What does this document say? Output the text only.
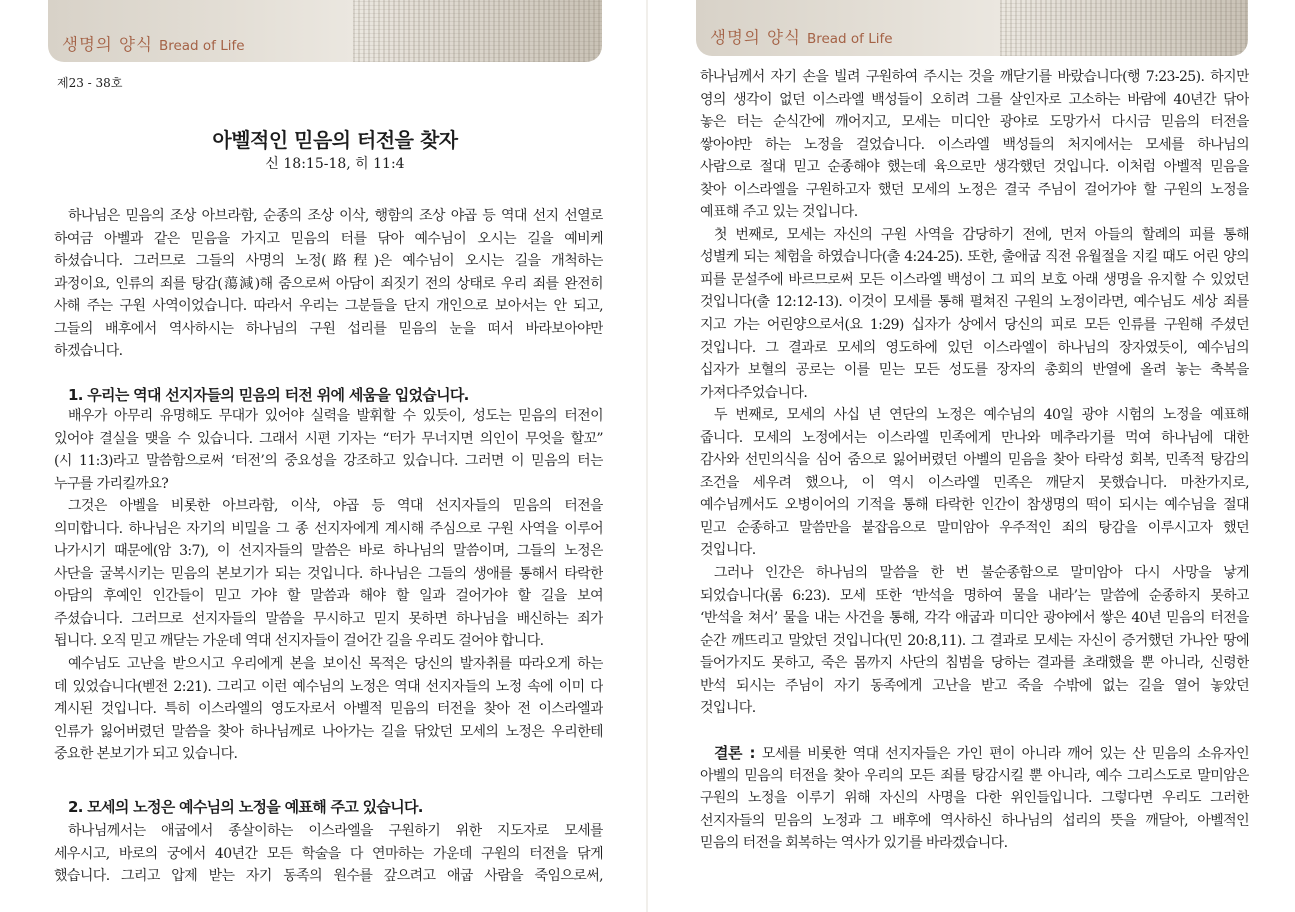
생명의 양식 Bread of Life
제23 - 38호
아벨적인 믿음의 터전을 찾자
신 18:15-18, 히 11:4
하나님은 믿음의 조상 아브라함, 순종의 조상 이삭, 행함의 조상 야곱 등 역대 선지 선열로
하여금 아벨과 같은 믿음을 가지고 믿음의 터를 닦아 예수님이 오시는 길을 예비케
하셨습니다. 그러므로 그들의 사명의 노정(路程)은 예수님이 오시는 길을 개척하는
과정이요, 인류의 죄를 탕감(蕩減)해 줌으로써 아담이 죄짓기 전의 상태로 우리 죄를 완전히
사해 주는 구원 사역이었습니다. 따라서 우리는 그분들을 단지 개인으로 보아서는 안 되고,
그들의 배후에서 역사하시는 하나님의 구원 섭리를 믿음의 눈을 떠서 바라보아야만
하겠습니다.
1. 우리는 역대 선지자들의 믿음의 터전 위에 세움을 입었습니다.
배우가 아무리 유명해도 무대가 있어야 실력을 발휘할 수 있듯이, 성도는 믿음의 터전이
있어야 결실을 맺을 수 있습니다. 그래서 시편 기자는 “터가 무너지면 의인이 무엇을 할꼬”
(시 11:3)라고 말씀함으로써 ‘터전’의 중요성을 강조하고 있습니다. 그러면 이 믿음의 터는
누구를 가리킬까요?
그것은 아벨을 비롯한 아브라함, 이삭, 야곱 등 역대 선지자들의 믿음의 터전을
의미합니다. 하나님은 자기의 비밀을 그 종 선지자에게 계시해 주심으로 구원 사역을 이루어
나가시기 때문에(암 3:7), 이 선지자들의 말씀은 바로 하나님의 말씀이며, 그들의 노정은
사단을 굴복시키는 믿음의 본보기가 되는 것입니다. 하나님은 그들의 생애를 통해서 타락한
아담의 후예인 인간들이 믿고 가야 할 말씀과 해야 할 일과 걸어가야 할 길을 보여
주셨습니다. 그러므로 선지자들의 말씀을 무시하고 믿지 못하면 하나님을 배신하는 죄가
됩니다. 오직 믿고 깨닫는 가운데 역대 선지자들이 걸어간 길을 우리도 걸어야 합니다.
예수님도 고난을 받으시고 우리에게 본을 보이신 목적은 당신의 발자취를 따라오게 하는
데 있었습니다(벧전 2:21). 그리고 이런 예수님의 노정은 역대 선지자들의 노정 속에 이미 다
계시된 것입니다. 특히 이스라엘의 영도자로서 아벨적 믿음의 터전을 찾아 전 이스라엘과
인류가 잃어버렸던 말씀을 찾아 하나님께로 나아가는 길을 닦았던 모세의 노정은 우리한테
중요한 본보기가 되고 있습니다.
2. 모세의 노정은 예수님의 노정을 예표해 주고 있습니다.
하나님께서는 애굽에서 종살이하는 이스라엘을 구원하기 위한 지도자로 모세를
세우시고, 바로의 궁에서 40년간 모든 학술을 다 연마하는 가운데 구원의 터전을 닦게
했습니다. 그리고 압제 받는 자기 동족의 원수를 갚으려고 애굽 사람을 죽임으로써,
생명의 양식 Bread of Life
하나님께서 자기 손을 빌려 구원하여 주시는 것을 깨닫기를 바랐습니다(행 7:23-25). 하지만
영의 생각이 없던 이스라엘 백성들이 오히려 그를 살인자로 고소하는 바람에 40년간 닦아
놓은 터는 순식간에 깨어지고, 모세는 미디안 광야로 도망가서 다시금 믿음의 터전을
쌓아야만 하는 노정을 걸었습니다. 이스라엘 백성들의 처지에서는 모세를 하나님의
사람으로 절대 믿고 순종해야 했는데 육으로만 생각했던 것입니다. 이처럼 아벨적 믿음을
찾아 이스라엘을 구원하고자 했던 모세의 노정은 결국 주님이 걸어가야 할 구원의 노정을
예표해 주고 있는 것입니다.
첫 번째로, 모세는 자신의 구원 사역을 감당하기 전에, 먼저 아들의 할례의 피를 통해
성별케 되는 체험을 하였습니다(출 4:24-25). 또한, 출애굽 직전 유월절을 지킬 때도 어린 양의
피를 문설주에 바르므로써 모든 이스라엘 백성이 그 피의 보호 아래 생명을 유지할 수 있었던
것입니다(출 12:12-13). 이것이 모세를 통해 펼쳐진 구원의 노정이라면, 예수님도 세상 죄를
지고 가는 어린양으로서(요 1:29) 십자가 상에서 당신의 피로 모든 인류를 구원해 주셨던
것입니다. 그 결과로 모세의 영도하에 있던 이스라엘이 하나님의 장자였듯이, 예수님의
십자가 보혈의 공로는 이를 믿는 모든 성도를 장자의 총회의 반열에 올려 놓는 축복을
가져다주었습니다.
두 번째로, 모세의 사십 년 연단의 노정은 예수님의 40일 광야 시험의 노정을 예표해
줍니다. 모세의 노정에서는 이스라엘 민족에게 만나와 메추라기를 먹여 하나님에 대한
감사와 선민의식을 심어 줌으로 잃어버렸던 아벨의 믿음을 찾아 타락성 회복, 민족적 탕감의
조건을 세우려 했으나, 이 역시 이스라엘 민족은 깨닫지 못했습니다. 마찬가지로,
예수님께서도 오병이어의 기적을 통해 타락한 인간이 참생명의 떡이 되시는 예수님을 절대
믿고 순종하고 말씀만을 붙잡음으로 말미암아 우주적인 죄의 탕감을 이루시고자 했던
것입니다.
그러나 인간은 하나님의 말씀을 한 번 불순종함으로 말미암아 다시 사망을 낳게
되었습니다(롬 6:23). 모세 또한 ‘반석을 명하여 물을 내라’는 말씀에 순종하지 못하고
‘반석을 쳐서’ 물을 내는 사건을 통해, 각각 애굽과 미디안 광야에서 쌓은 40년 믿음의 터전을
순간 깨뜨리고 말았던 것입니다(민 20:8,11). 그 결과로 모세는 자신이 증거했던 가나안 땅에
들어가지도 못하고, 죽은 몸까지 사단의 침범을 당하는 결과를 초래했을 뿐 아니라, 신령한
반석 되시는 주님이 자기 동족에게 고난을 받고 죽을 수밖에 없는 길을 열어 놓았던
것입니다.
결론 : 모세를 비롯한 역대 선지자들은 가인 편이 아니라 깨어 있는 산 믿음의 소유자인
아벨의 믿음의 터전을 찾아 우리의 모든 죄를 탕감시킬 뿐 아니라, 예수 그리스도로 말미암은
구원의 노정을 이루기 위해 자신의 사명을 다한 위인들입니다. 그렇다면 우리도 그러한
선지자들의 믿음의 노정과 그 배후에 역사하신 하나님의 섭리의 뜻을 깨달아, 아벨적인
믿음의 터전을 회복하는 역사가 있기를 바라겠습니다.
